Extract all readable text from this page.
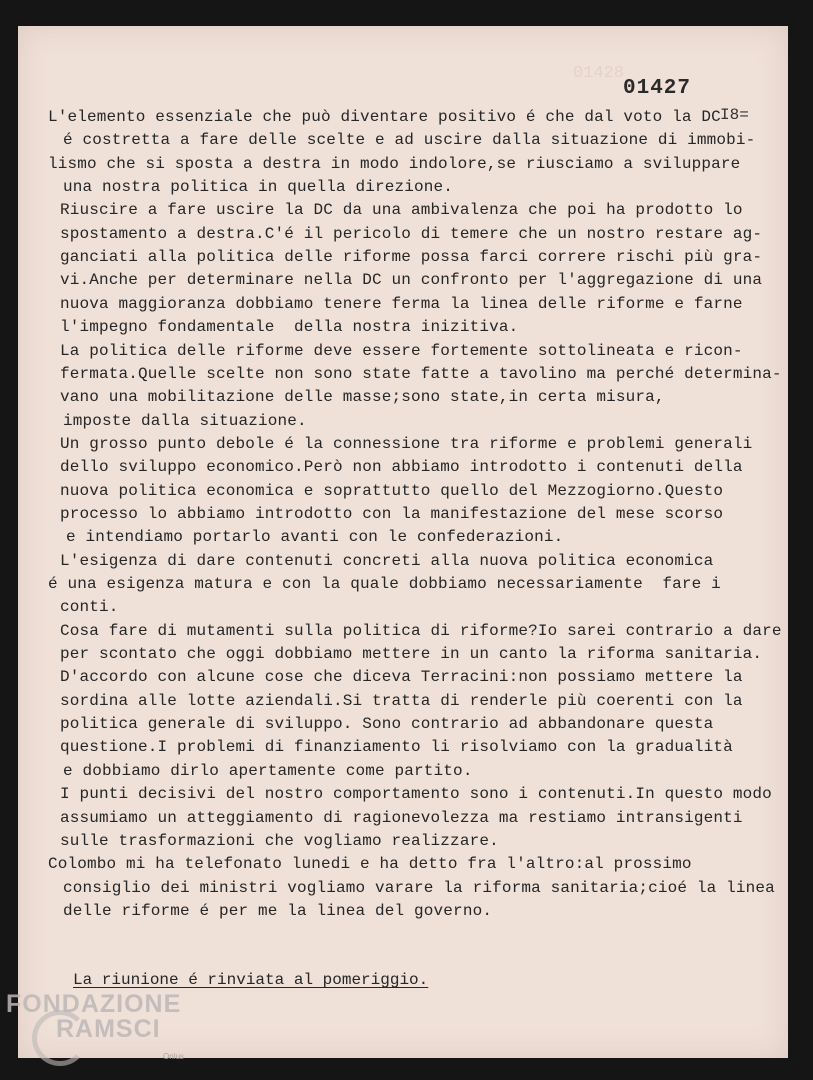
01428
01427
I8=
L'elemento essenziale che può diventare positivo é che dal voto la DC
é costretta a fare delle scelte e ad uscire dalla situazione di immobi-
lismo che si sposta a destra in modo indolore,se riusciamo a sviluppare
una nostra politica in quella direzione.
Riuscire a fare uscire la DC da una ambivalenza che poi ha prodotto lo
spostamento a destra.C'é il pericolo di temere che un nostro restare ag-
ganciati alla politica delle riforme possa farci correre rischi più gra-
vi.Anche per determinare nella DC un confronto per l'aggregazione di una
nuova maggioranza dobbiamo tenere ferma la linea delle riforme e farne
l'impegno fondamentale  della nostra inizitiva.
La politica delle riforme deve essere fortemente sottolineata e ricon-
fermata.Quelle scelte non sono state fatte a tavolino ma perché determina-
vano una mobilitazione delle masse;sono state,in certa misura,
imposte dalla situazione.
Un grosso punto debole é la connessione tra riforme e problemi generali
dello sviluppo economico.Però non abbiamo introdotto i contenuti della
nuova politica economica e soprattutto quello del Mezzogiorno.Questo
processo lo abbiamo introdotto con la manifestazione del mese scorso
e intendiamo portarlo avanti con le confederazioni.
L'esigenza di dare contenuti concreti alla nuova politica economica
é una esigenza matura e con la quale dobbiamo necessariamente  fare i
conti.
Cosa fare di mutamenti sulla politica di riforme?Io sarei contrario a dare
per scontato che oggi dobbiamo mettere in un canto la riforma sanitaria.
D'accordo con alcune cose che diceva Terracini:non possiamo mettere la
sordina alle lotte aziendali.Si tratta di renderle più coerenti con la
politica generale di sviluppo. Sono contrario ad abbandonare questa
questione.I problemi di finanziamento li risolviamo con la gradualità
e dobbiamo dirlo apertamente come partito.
I punti decisivi del nostro comportamento sono i contenuti.In questo modo
assumiamo un atteggiamento di ragionevolezza ma restiamo intransigenti
sulle trasformazioni che vogliamo realizzare.
Colombo mi ha telefonato lunedi e ha detto fra l'altro:al prossimo
consiglio dei ministri vogliamo varare la riforma sanitaria;cioé la linea
delle riforme é per me la linea del governo.
La riunione é rinviata al pomeriggio.
FONDAZIONE
RAMSCI
Onlus
